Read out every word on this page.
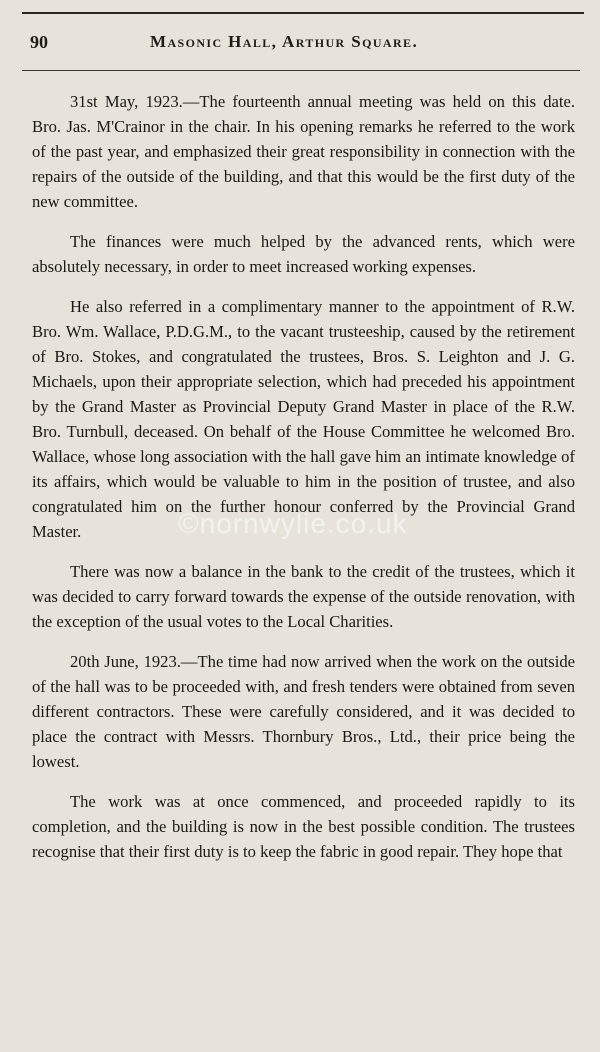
90	Masonic Hall, Arthur Square.

31st May, 1923.—The fourteenth annual meeting was held on this date. Bro. Jas. M'Crainor in the chair. In his opening remarks he referred to the work of the past year, and emphasized their great responsibility in connection with the repairs of the outside of the building, and that this would be the first duty of the new committee.

The finances were much helped by the advanced rents, which were absolutely necessary, in order to meet increased working expenses.

He also referred in a complimentary manner to the appointment of R.W. Bro. Wm. Wallace, P.D.G.M., to the vacant trusteeship, caused by the retirement of Bro. Stokes, and congratulated the trustees, Bros. S. Leighton and J. G. Michaels, upon their appropriate selection, which had preceded his appointment by the Grand Master as Provincial Deputy Grand Master in place of the R.W. Bro. Turnbull, deceased. On behalf of the House Committee he welcomed Bro. Wallace, whose long association with the hall gave him an intimate knowledge of its affairs, which would be valuable to him in the position of trustee, and also congratulated him on the further honour conferred by the Provincial Grand Master.

There was now a balance in the bank to the credit of the trustees, which it was decided to carry forward towards the expense of the outside renovation, with the exception of the usual votes to the Local Charities.

20th June, 1923.—The time had now arrived when the work on the outside of the hall was to be proceeded with, and fresh tenders were obtained from seven different contractors. These were carefully considered, and it was decided to place the contract with Messrs. Thornbury Bros., Ltd., their price being the lowest.

The work was at once commenced, and proceeded rapidly to its completion, and the building is now in the best possible condition. The trustees recognise that their first duty is to keep the fabric in good repair. They hope that

©nornwylie.co.uk
